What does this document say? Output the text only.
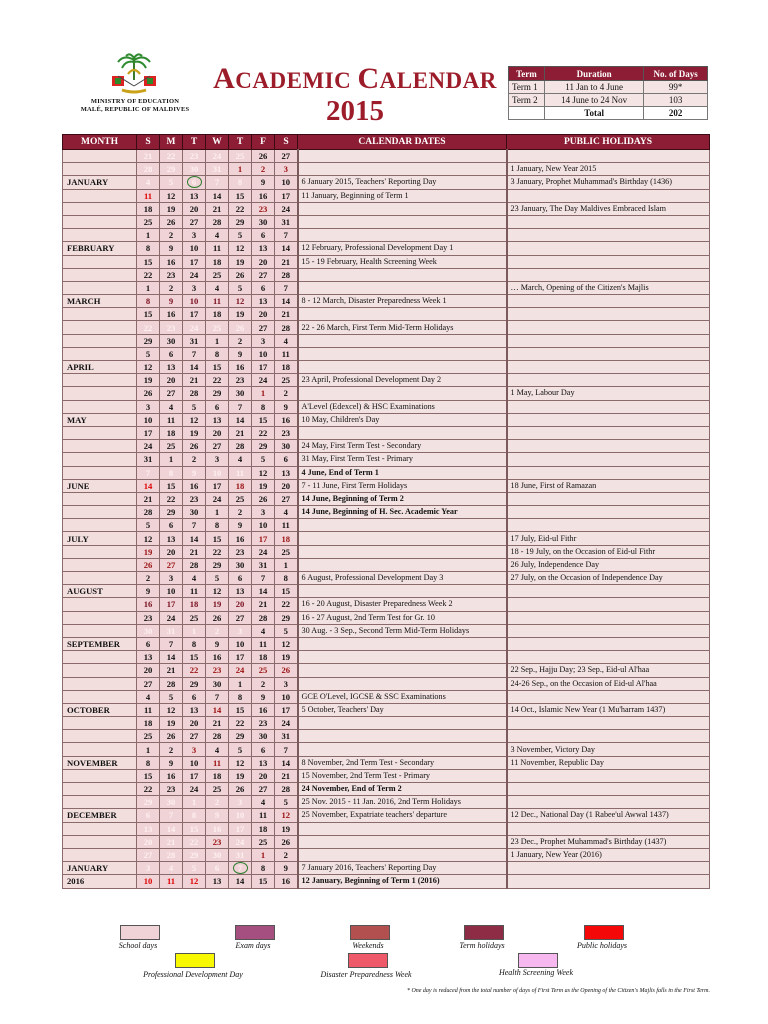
MINISTRY OF EDUCATION
MALÉ, REPUBLIC OF MALDIVES
ACADEMIC CALENDAR
2015
Term	Duration	No. of Days
Term 1	11 Jan to 4 June	99*
Term 2	14 June to 24 Nov	103
	Total	202
MONTH	S	M	T	W	T	F	S	CALENDAR DATES	PUBLIC HOLIDAYS
	21	22	23	24	25	26	27		
	28	29	30	31	1	2	3		1 January, New Year 2015
JANUARY	4	5	6	7	8	9	10	6 January 2015, Teachers' Reporting Day	3 January, Prophet Muhammad's Birthday (1436)
	11	12	13	14	15	16	17	11 January, Beginning of Term 1	
	18	19	20	21	22	23	24		23 January, The Day Maldives Embraced Islam
	25	26	27	28	29	30	31		
	1	2	3	4	5	6	7		
FEBRUARY	8	9	10	11	12	13	14	12 February, Professional Development Day 1	
	15	16	17	18	19	20	21	15 - 19 February, Health Screening Week	
	22	23	24	25	26	27	28		
	1	2	3	4	5	6	7		… March, Opening of the Citizen's Majlis
MARCH	8	9	10	11	12	13	14	8 - 12 March, Disaster Preparedness Week 1	
	15	16	17	18	19	20	21		
	22	23	24	25	26	27	28	22 - 26 March, First Term Mid-Term Holidays	
	29	30	31	1	2	3	4		
	5	6	7	8	9	10	11		
APRIL	12	13	14	15	16	17	18		
	19	20	21	22	23	24	25	23 April, Professional Development Day 2	
	26	27	28	29	30	1	2		1 May, Labour Day
	3	4	5	6	7	8	9	A'Level (Edexcel) & HSC Examinations	
MAY	10	11	12	13	14	15	16	10 May, Children's Day	
	17	18	19	20	21	22	23		
	24	25	26	27	28	29	30	24 May, First Term Test - Secondary	
	31	1	2	3	4	5	6	31 May, First Term Test - Primary	
	7	8	9	10	11	12	13	4 June, End of Term 1	
JUNE	14	15	16	17	18	19	20	7 - 11 June, First Term Holidays	18 June, First of Ramazan
	21	22	23	24	25	26	27	14 June, Beginning of Term 2	
	28	29	30	1	2	3	4	14 June, Beginning of H. Sec. Academic Year	
	5	6	7	8	9	10	11		
JULY	12	13	14	15	16	17	18		17 July, Eid-ul Fithr
	19	20	21	22	23	24	25		18 - 19 July, on the Occasion of Eid-ul Fithr
	26	27	28	29	30	31	1		26 July, Independence Day
	2	3	4	5	6	7	8	6 August, Professional Development Day 3	27 July, on the Occasion of Independence Day
AUGUST	9	10	11	12	13	14	15		
	16	17	18	19	20	21	22	16 - 20 August, Disaster Preparedness Week 2	
	23	24	25	26	27	28	29	16 - 27 August, 2nd Term Test for Gr. 10	
	30	31	1	2	3	4	5	30 Aug. - 3 Sep., Second Term Mid-Term Holidays	
SEPTEMBER	6	7	8	9	10	11	12		
	13	14	15	16	17	18	19		
	20	21	22	23	24	25	26		22 Sep., Hajju Day; 23 Sep., Eid-ul Al'haa
	27	28	29	30	1	2	3		24-26 Sep., on the Occasion of Eid-ul Al'haa
	4	5	6	7	8	9	10	GCE O'Level, IGCSE & SSC Examinations	
OCTOBER	11	12	13	14	15	16	17	5 October, Teachers' Day	14 Oct., Islamic New Year (1 Mu'harram 1437)
	18	19	20	21	22	23	24		
	25	26	27	28	29	30	31		
	1	2	3	4	5	6	7		3 November, Victory Day
NOVEMBER	8	9	10	11	12	13	14	8 November, 2nd Term Test - Secondary	11 November, Republic Day
	15	16	17	18	19	20	21	15 November, 2nd Term Test - Primary	
	22	23	24	25	26	27	28	24 November, End of Term 2	
	29	30	1	2	3	4	5	25 Nov. 2015 - 11 Jan. 2016, 2nd Term Holidays	
DECEMBER	6	7	8	9	10	11	12	25 November, Expatriate teachers' departure	12 Dec., National Day (1 Rabee'ul Awwal 1437)
	13	14	15	16	17	18	19		
	20	21	22	23	24	25	26		23 Dec., Prophet Muhammad's Birthday (1437)
	27	28	29	30	31	1	2		1 January, New Year (2016)
JANUARY	3	4	5	6	7	8	9	7 January 2016, Teachers' Reporting Day	
2016	10	11	12	13	14	15	16	12 January, Beginning of Term 1 (2016)	
School days	Exam days	Weekends	Term holidays	Public holidays
Professional Development Day	Disaster Preparedness Week	Health Screening Week
* One day is reduced from the total number of days of First Term as the Opening of the Citizen's Majlis falls in the First Term.
